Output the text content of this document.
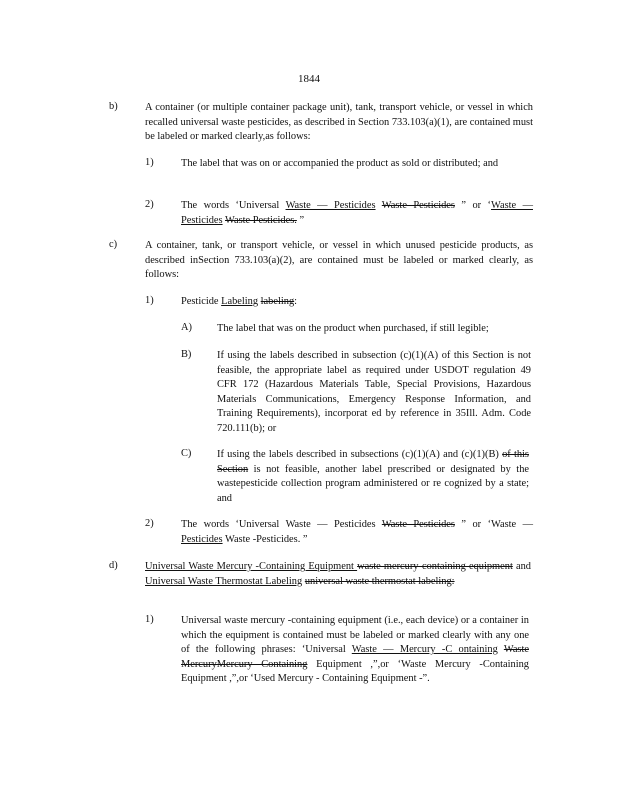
1844
b)	A container (or multiple container package unit), tank, transport vehicle, or vessel in which recalled universal waste pesticides, as described in Section 733.103(a)(1), are contained must be labeled or marked clearly,as follows:
1)	The label that was on or accompanied the product as sold or distributed; and
2)	The words ‘Universal Waste — Pesticides Waste Pesticides ” or ‘Waste — Pesticides Waste Pesticides. ”
c)	A container, tank, or transport vehicle, or vessel in which unused pesticide products, as described inSection 733.103(a)(2), are contained must be labeled or marked clearly, as follows:
1)	Pesticide Labeling labeling:
A) The label that was on the product when purchased, if still legible;
B) If using the labels described in subsection (c)(1)(A) of this Section is not feasible, the appropriate label as required under USDOT regulation 49 CFR 172 (Hazardous Materials Table, Special Provisions, Hazardous Materials Communications, Emergency Response Information, and Training Requirements), incorporat ed by reference in 35Ill. Adm. Code 720.111(b); or
C) If using the labels described in subsections (c)(1)(A) and (c)(1)(B) of this Section is not feasible, another label prescribed or designated by the wastepesticide collection program administered or re cognized by a state; and
2)	The words ‘Universal Waste — Pesticides Waste Pesticides ” or ‘Waste — Pesticides Waste -Pesticides. ”
d)	Universal Waste Mercury -Containing Equipment waste mercury-containing equipment and Universal Waste Thermostat Labeling universal waste thermostat labeling:
1)	Universal waste mercury -containing equipment (i.e., each device) or a container in which the equipment is contained must be labeled or marked clearly with any one of the following phrases: ‘Universal Waste — Mercury -C ontaining Waste MercuryMercury Containing Equipment ,”,or ‘Waste Mercury -Containing Equipment ,”,or ‘Used Mercury - Containing Equipment -”.
